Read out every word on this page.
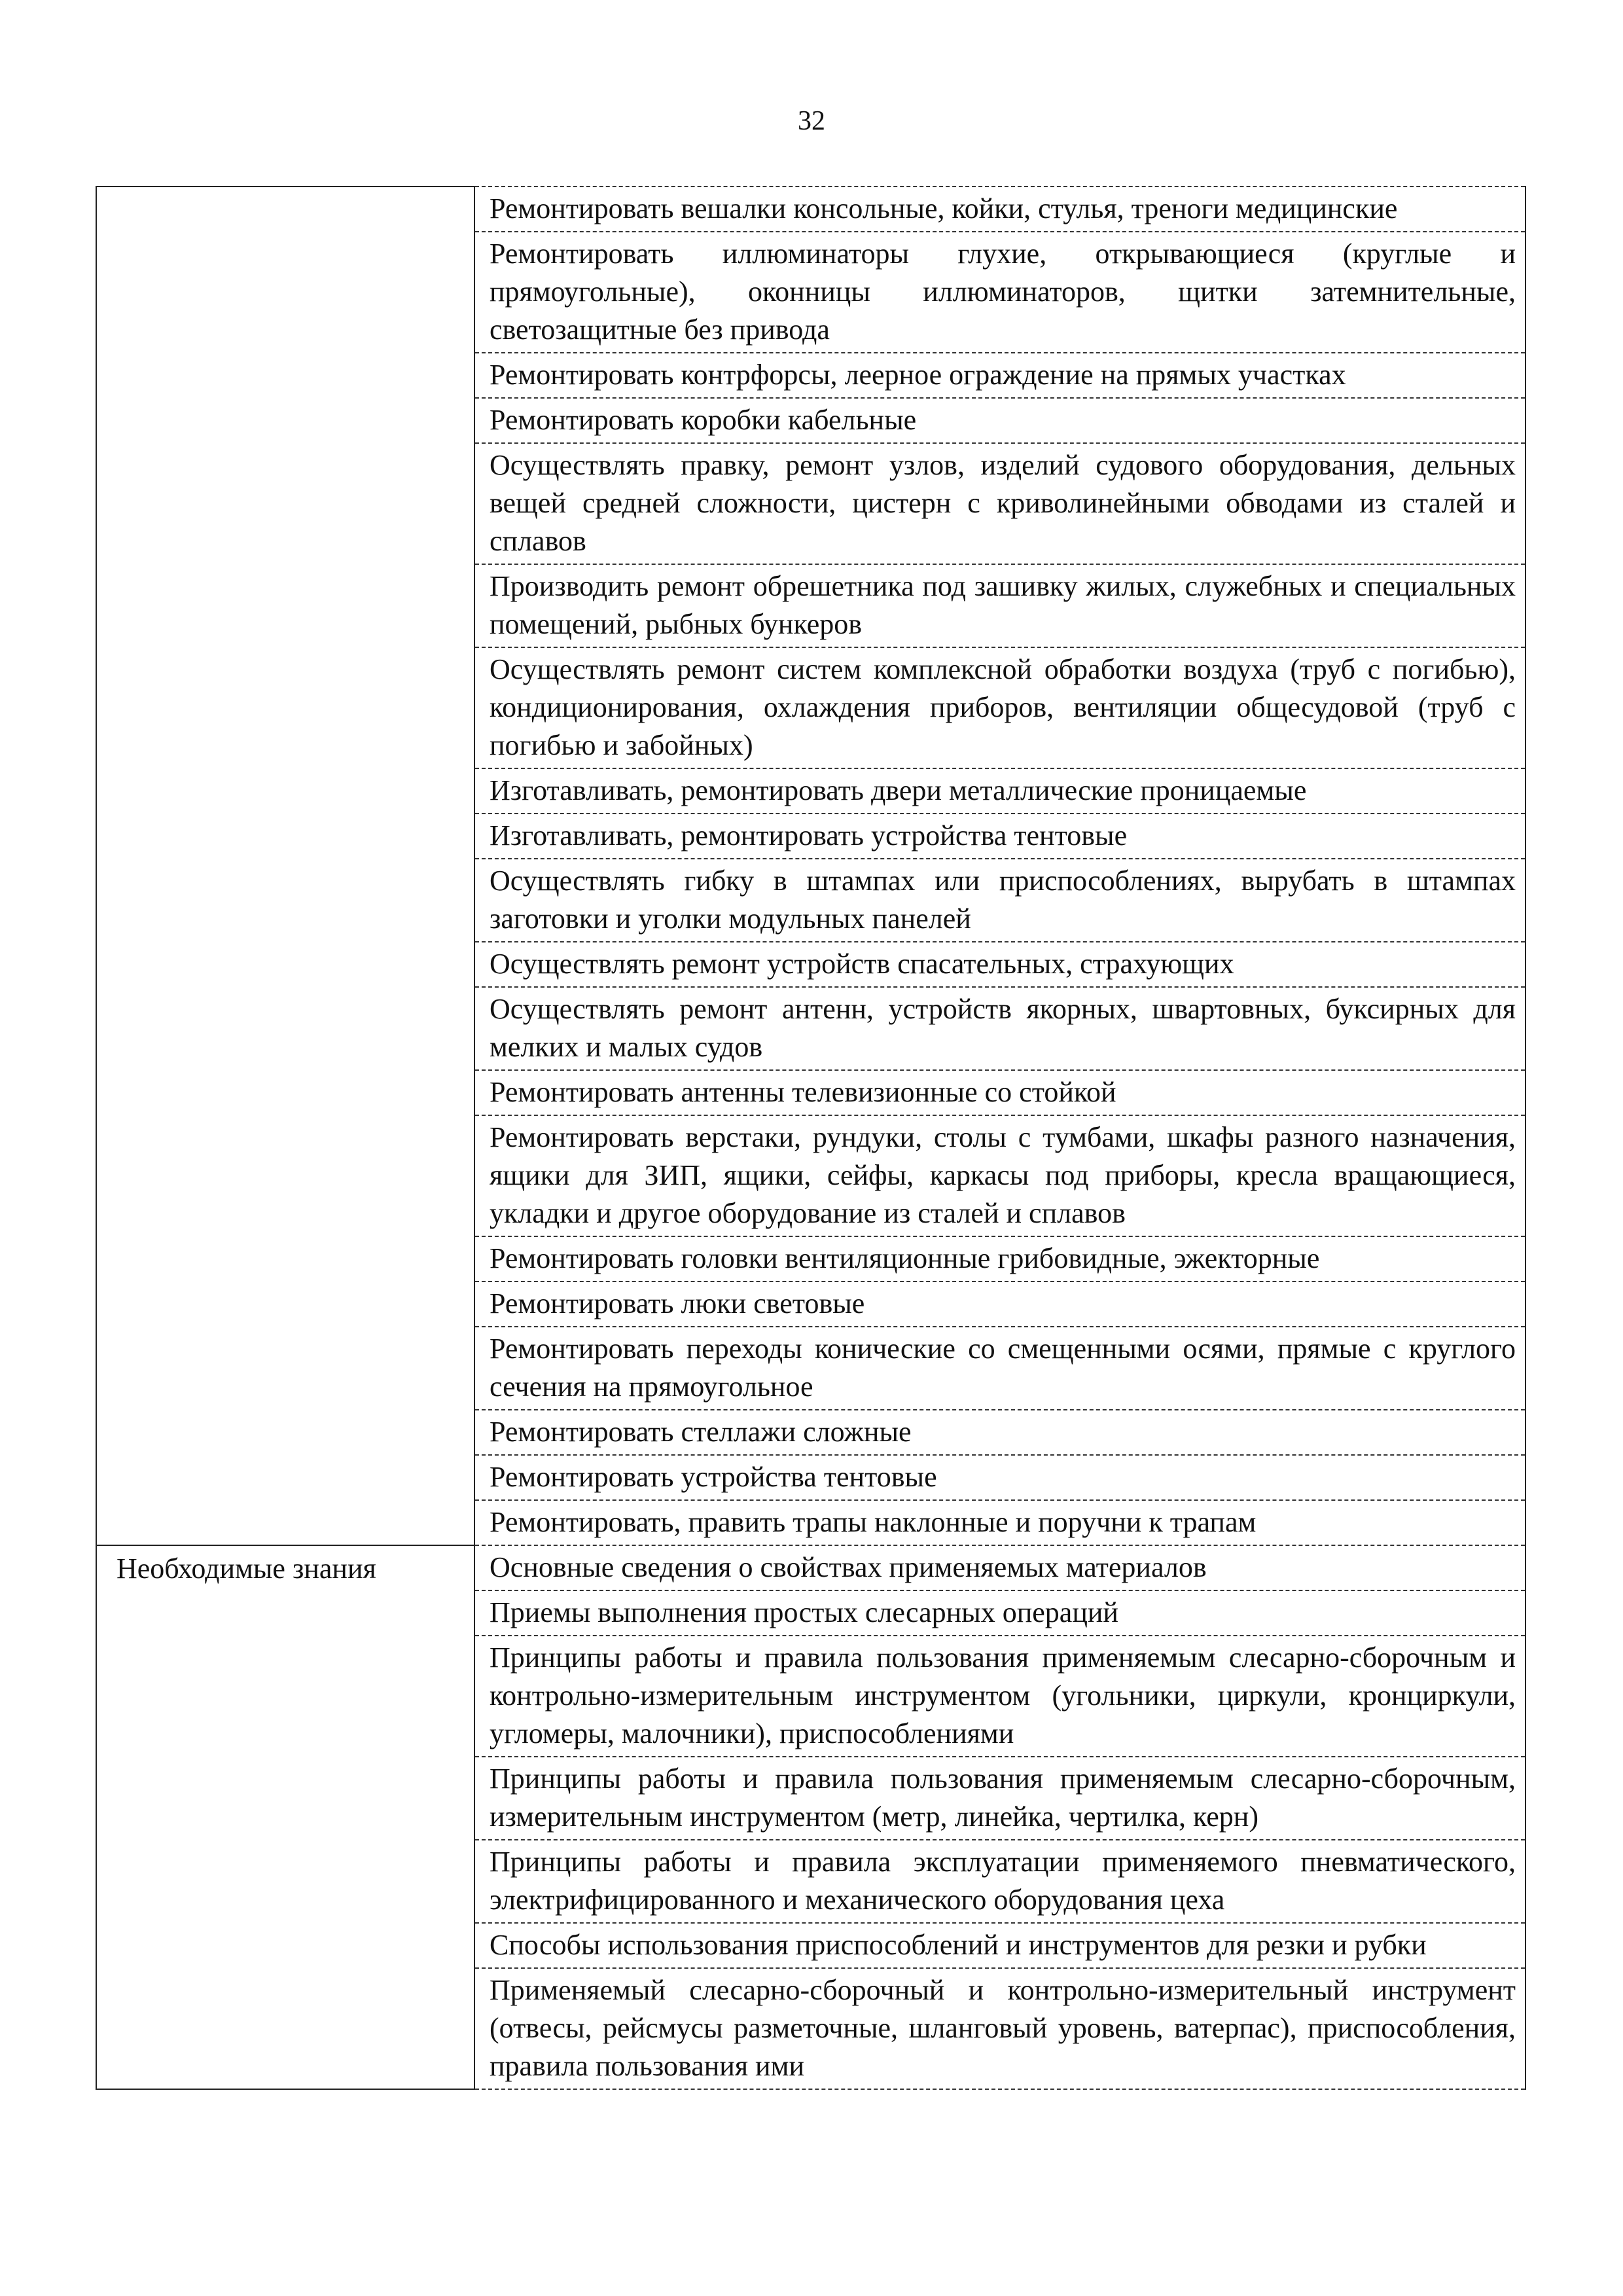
32
	Ремонтировать вешалки консольные, койки, стулья, треноги медицинские
	Ремонтировать иллюминаторы глухие, открывающиеся (круглые и прямоугольные), оконницы иллюминаторов, щитки затемнительные, светозащитные без привода
	Ремонтировать контрфорсы, леерное ограждение на прямых участках
	Ремонтировать коробки кабельные
	Осуществлять правку, ремонт узлов, изделий судового оборудования, дельных вещей средней сложности, цистерн с криволинейными обводами из сталей и сплавов
	Производить ремонт обрешетника под зашивку жилых, служебных и специальных помещений, рыбных бункеров
	Осуществлять ремонт систем комплексной обработки воздуха (труб с погибью), кондиционирования, охлаждения приборов, вентиляции общесудовой (труб с погибью и забойных)
	Изготавливать, ремонтировать двери металлические проницаемые
	Изготавливать, ремонтировать устройства тентовые
	Осуществлять гибку в штампах или приспособлениях, вырубать в штампах заготовки и уголки модульных панелей
	Осуществлять ремонт устройств спасательных, страхующих
	Осуществлять ремонт антенн, устройств якорных, швартовных, буксирных для мелких и малых судов
	Ремонтировать антенны телевизионные со стойкой
	Ремонтировать верстаки, рундуки, столы с тумбами, шкафы разного назначения, ящики для ЗИП, ящики, сейфы, каркасы под приборы, кресла вращающиеся, укладки и другое оборудование из сталей и сплавов
	Ремонтировать головки вентиляционные грибовидные, эжекторные
	Ремонтировать люки световые
	Ремонтировать переходы конические со смещенными осями, прямые с круглого сечения на прямоугольное
	Ремонтировать стеллажи сложные
	Ремонтировать устройства тентовые
	Ремонтировать, править трапы наклонные и поручни к трапам
Необходимые знания	Основные сведения о свойствах применяемых материалов
	Приемы выполнения простых слесарных операций
	Принципы работы и правила пользования применяемым слесарно-сборочным и контрольно-измерительным инструментом (угольники, циркули, кронциркули, угломеры, малочники), приспособлениями
	Принципы работы и правила пользования применяемым слесарно-сборочным, измерительным инструментом (метр, линейка, чертилка, керн)
	Принципы работы и правила эксплуатации применяемого пневматического, электрифицированного и механического оборудования цеха
	Способы использования приспособлений и инструментов для резки и рубки
	Применяемый слесарно-сборочный и контрольно-измерительный инструмент (отвесы, рейсмусы разметочные, шланговый уровень, ватерпас), приспособления, правила пользования ими
